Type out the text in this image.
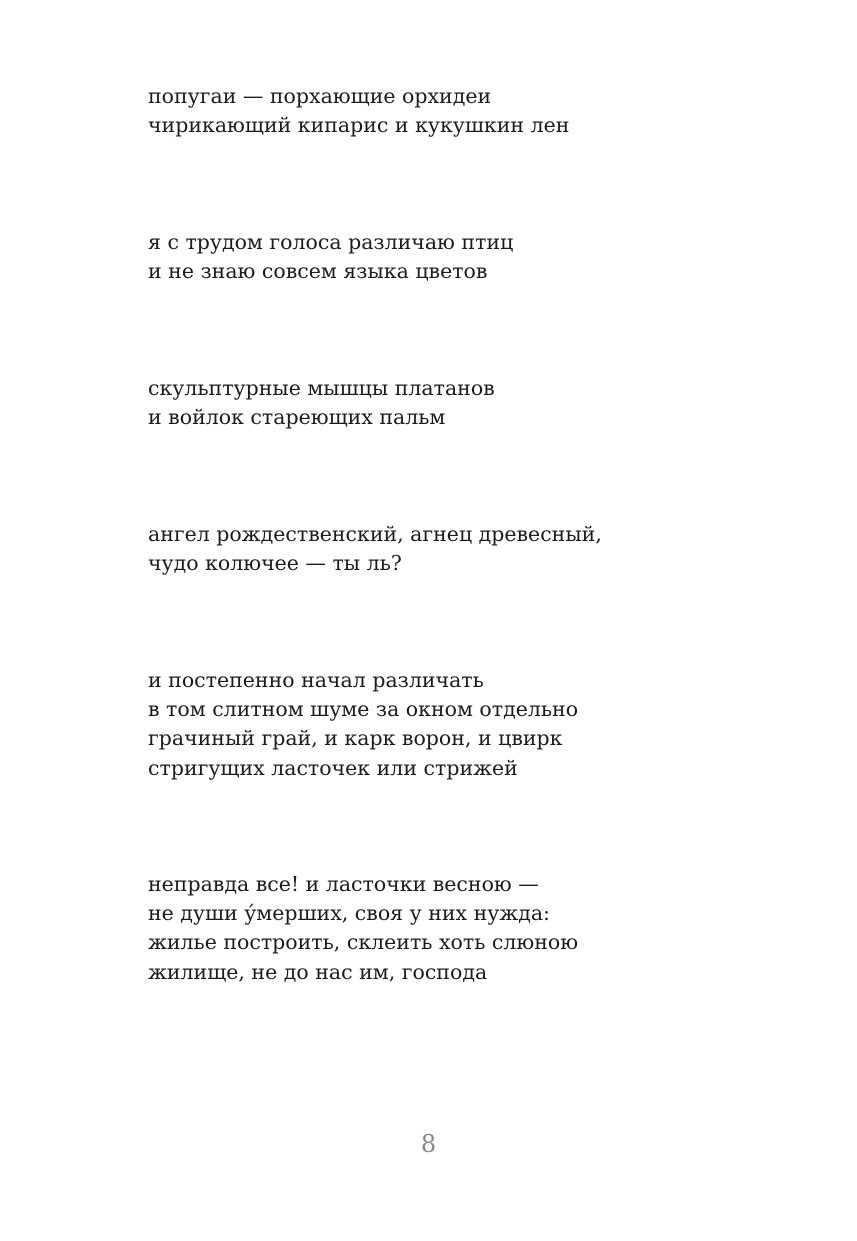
попугаи — порхающие орхидеи
чирикающий кипарис и кукушкин лен
я с трудом голоса различаю птиц
и не знаю совсем языка цветов
скульптурные мышцы платанов
и войлок стареющих пальм
ангел рождественский, агнец древесный,
чудо колючее — ты ль?
и постепенно начал различать
в том слитном шуме за окном отдельно
грачиный грай, и карк ворон, и цвирк
стригущих ласточек или стрижей
неправда все! и ласточки весною —
не души у́мерших, своя у них нужда:
жилье построить, склеить хоть слюною
жилище, не до нас им, господа
8
